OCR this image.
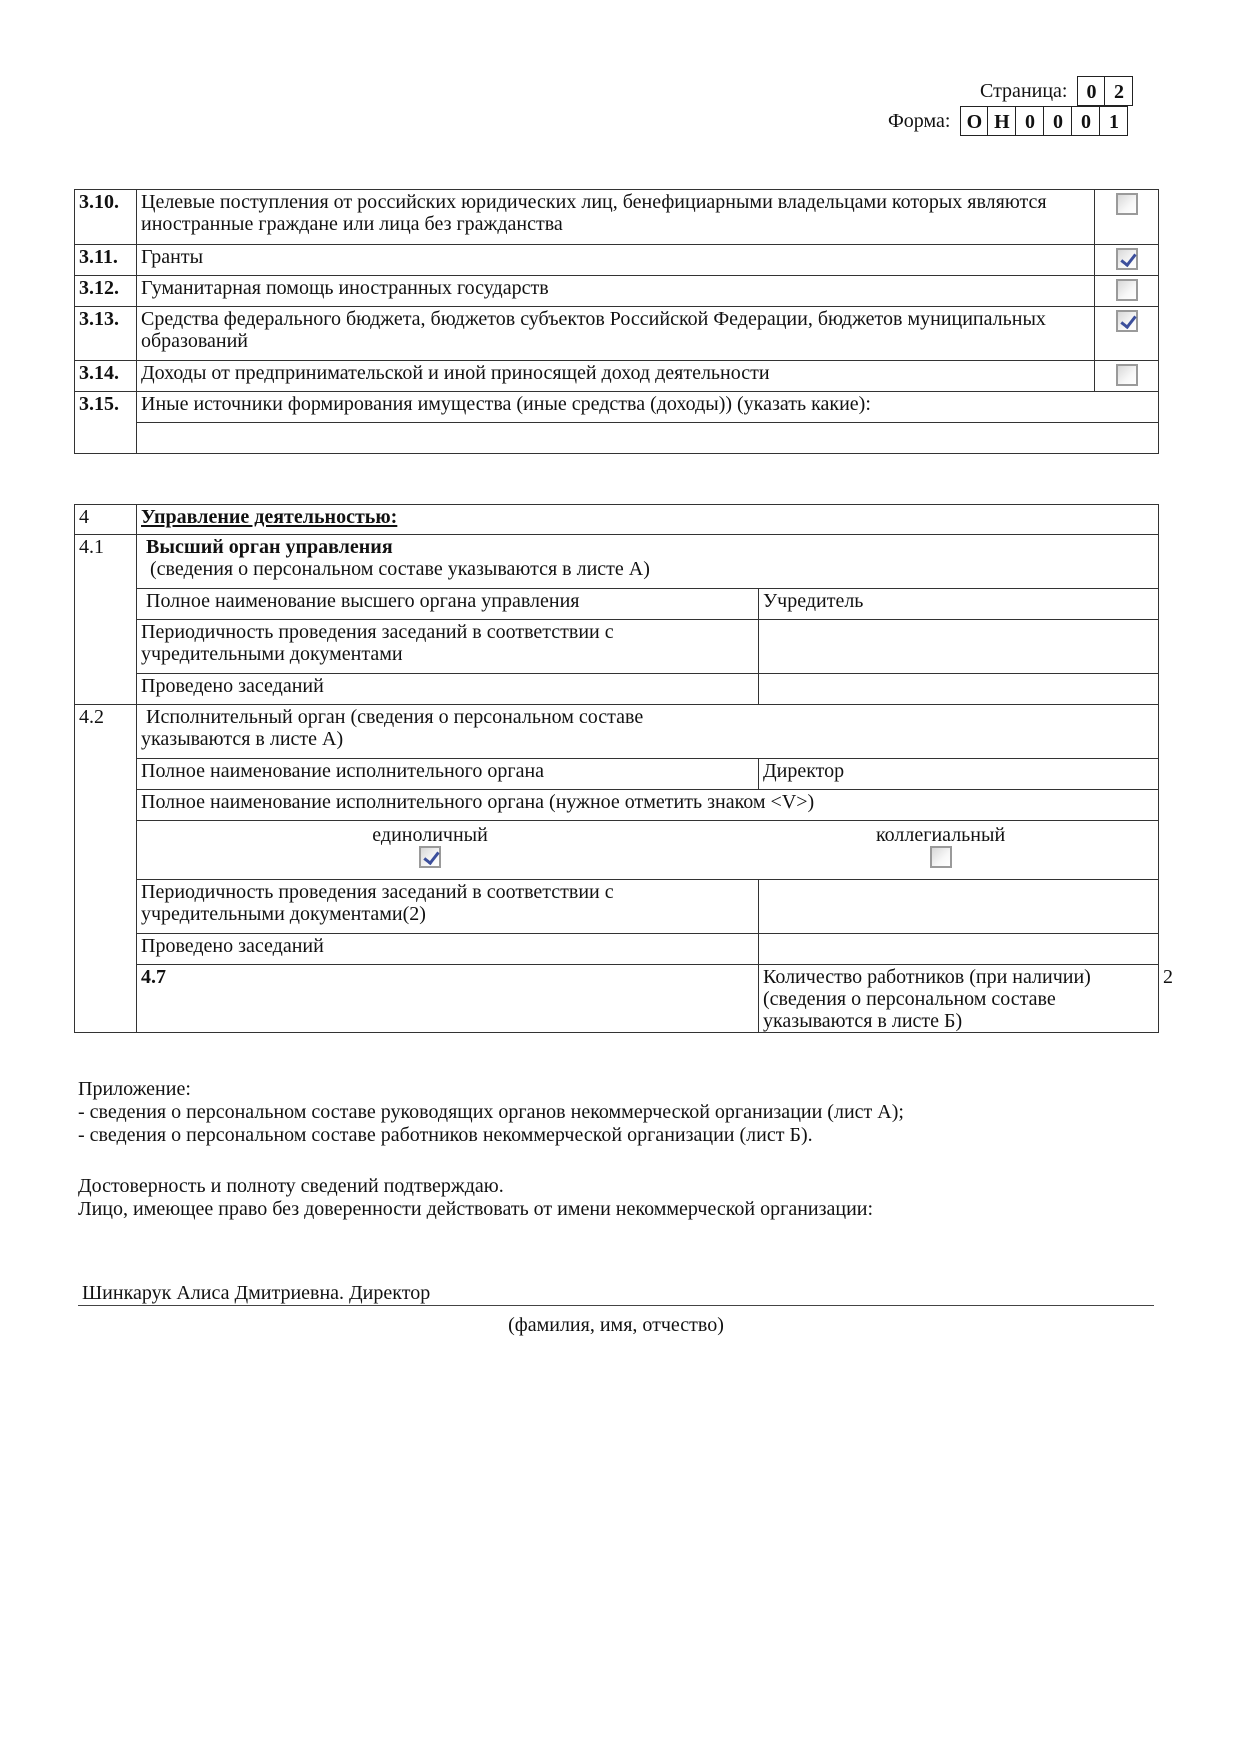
Страница: 0 2
Форма: О Н 0 0 0 1
3.10.	Целевые поступления от российских юридических лиц, бенефициарными владельцами которых являются иностранные граждане или лица без гражданства	
3.11.	Гранты	
3.12.	Гуманитарная помощь иностранных государств	
3.13.	Средства федерального бюджета, бюджетов субъектов Российской Федерации, бюджетов муниципальных образований	
3.14.	Доходы от предпринимательской и иной приносящей доход деятельности	
3.15.	Иные источники формирования имущества (иные средства (доходы)) (указать какие):	

4	Управление деятельностью:		
4.1	Высший орган управления
(сведения о персональном составе указываются в листе А)		

	Полное наименование высшего органа управления	Учредитель	
	Периодичность проведения заседаний в соответствии с учредительными документами		
	Проведено заседаний		
4.2	Исполнительный орган (сведения о персональном составе указываются в листе А)		

	Полное наименование исполнительного органа	Директор	
	Полное наименование исполнительного органа (нужное отметить знаком <V>)		

	единоличный коллегиальный		

	Периодичность проведения заседаний в соответствии с учредительными документами(2)		
	Проведено заседаний		
	4.7	Количество работников (при наличии)(сведения о персональном составе указываются в листе Б)	2
Приложение:
- сведения о персональном составе руководящих органов некоммерческой организации (лист А);
- сведения о персональном составе работников некоммерческой организации (лист Б).
Достоверность и полноту сведений подтверждаю.
Лицо, имеющее право без доверенности действовать от имени некоммерческой организации:
Шинкарук Алиса Дмитриевна. Директор
(фамилия, имя, отчество)
